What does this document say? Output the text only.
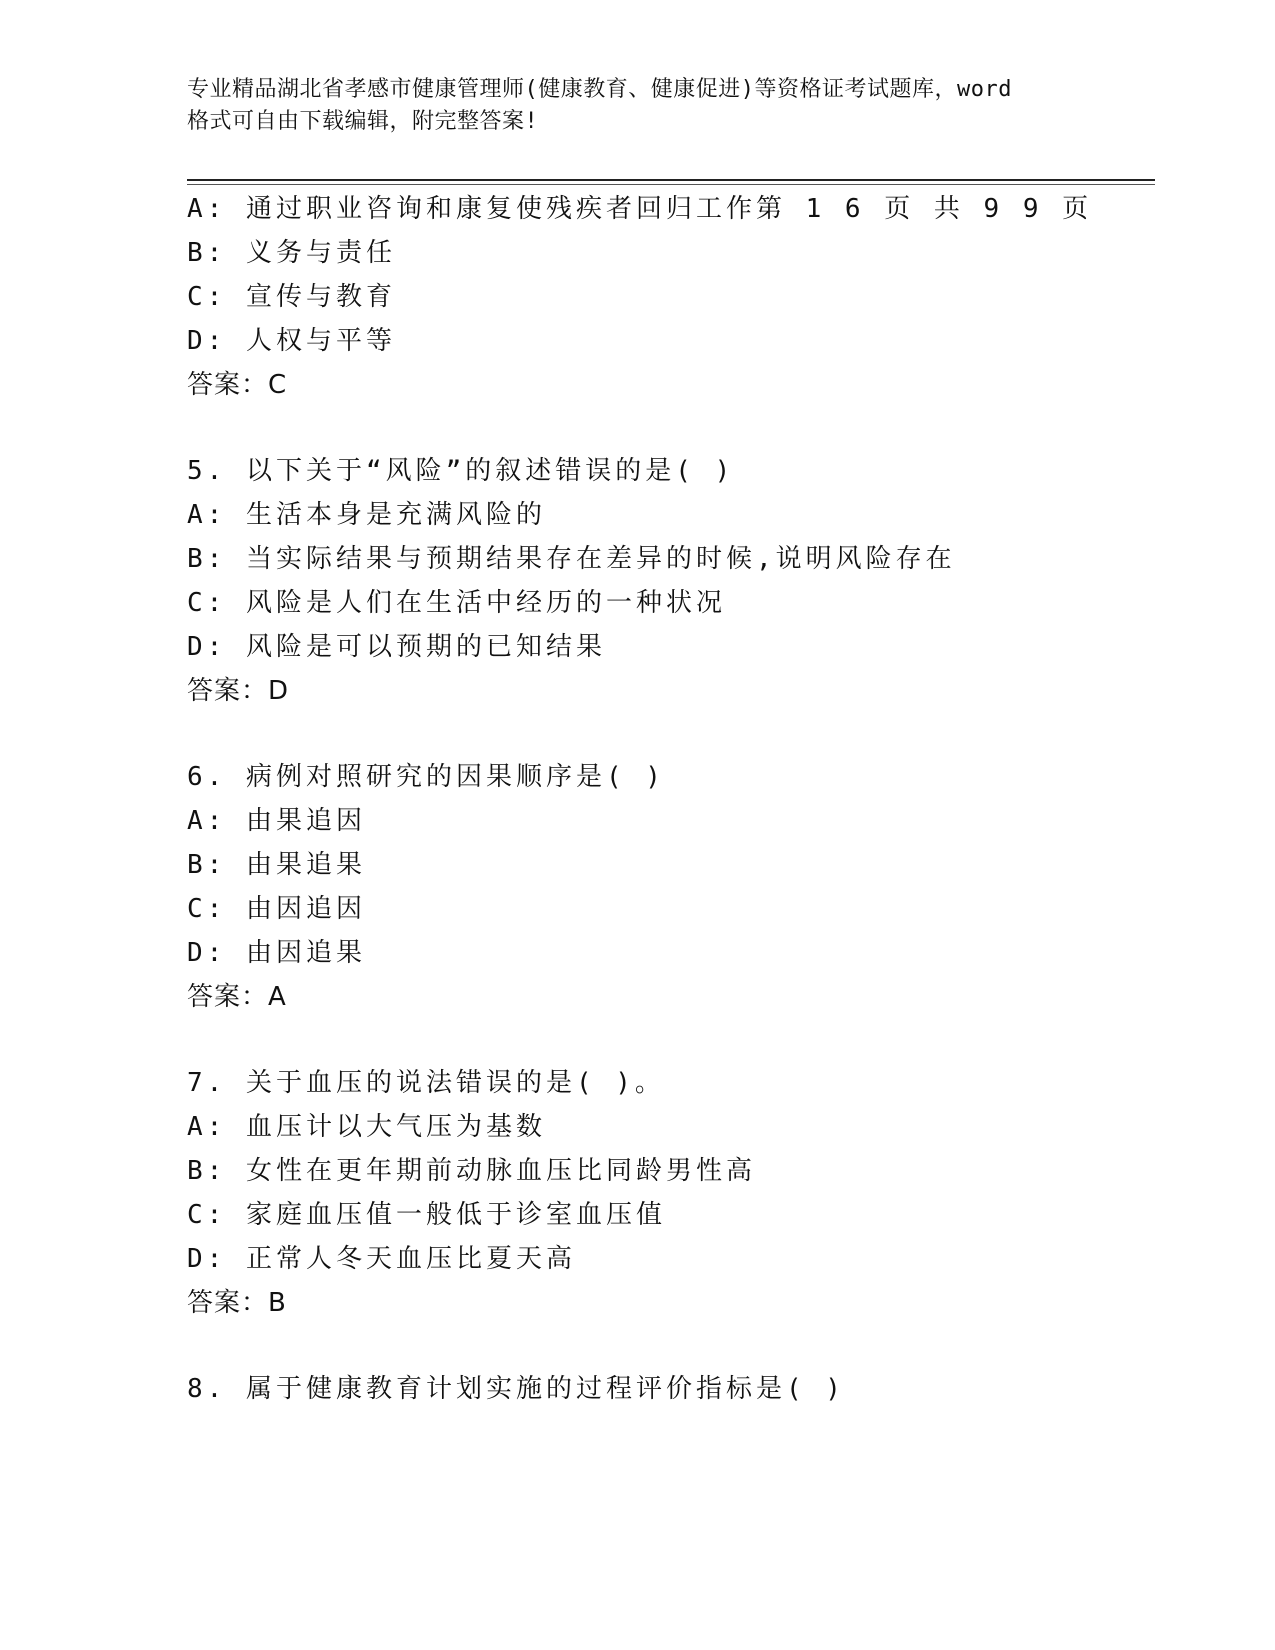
专业精品湖北省孝感市健康管理师(健康教育、健康促进)等资格证考试题库，word
格式可自由下载编辑，附完整答案!
A: 通过职业咨询和康复使残疾者回归工作第 1 6 页 共 9 9 页
B: 义务与责任
C: 宣传与教育
D: 人权与平等
答案：C
5. 以下关于“风险”的叙述错误的是( )
A: 生活本身是充满风险的
B: 当实际结果与预期结果存在差异的时候,说明风险存在
C: 风险是人们在生活中经历的一种状况
D: 风险是可以预期的已知结果
答案：D
6. 病例对照研究的因果顺序是( )
A: 由果追因
B: 由果追果
C: 由因追因
D: 由因追果
答案：A
7. 关于血压的说法错误的是( )。
A: 血压计以大气压为基数
B: 女性在更年期前动脉血压比同龄男性高
C: 家庭血压值一般低于诊室血压值
D: 正常人冬天血压比夏天高
答案：B
8. 属于健康教育计划实施的过程评价指标是( )
